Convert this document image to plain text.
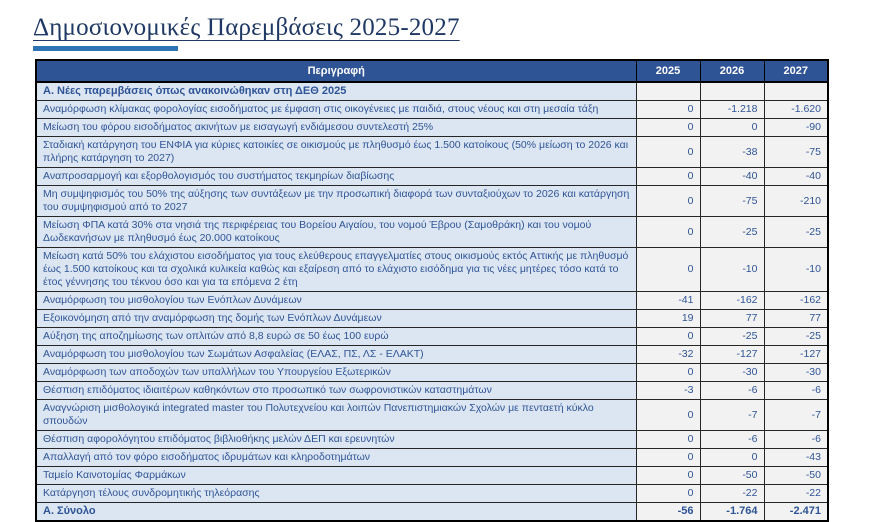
Δημοσιονομικές Παρεμβάσεις 2025-2027
Περιγραφή	2025	2026	2027
Α. Νέες παρεμβάσεις όπως ανακοινώθηκαν στη ΔΕΘ 2025			
Αναμόρφωση κλίμακας φορολογίας εισοδήματος με έμφαση στις οικογένειες με παιδιά, στους νέους και στη μεσαία τάξη	0	-1.218	-1.620
Μείωση του φόρου εισοδήματος ακινήτων με εισαγωγή ενδιάμεσου συντελεστή 25%	0	0	-90
Σταδιακή κατάργηση του ΕΝΦΙΑ για κύριες κατοικίες σε οικισμούς με πληθυσμό έως 1.500 κατοίκους (50% μείωση το 2026 και πλήρης κατάργηση το 2027)	0	-38	-75
Αναπροσαρμογή και εξορθολογισμός του συστήματος τεκμηρίων διαβίωσης	0	-40	-40
Μη συμψηφισμός του 50% της αύξησης των συντάξεων με την προσωπική διαφορά των συνταξιούχων το 2026 και κατάργηση του συμψηφισμού από το 2027	0	-75	-210
Μείωση ΦΠΑ κατά 30% στα νησιά της περιφέρειας του Βορείου Αιγαίου, του νομού Έβρου (Σαμοθράκη) και του νομού Δωδεκανήσων με πληθυσμό έως 20.000 κατοίκους	0	-25	-25
Μείωση κατά 50% του ελάχιστου εισοδήματος για τους ελεύθερους επαγγελματίες στους οικισμούς εκτός Αττικής με πληθυσμό έως 1.500 κατοίκους και τα σχολικά κυλικεία καθώς και εξαίρεση από το ελάχιστο εισόδημα για τις νέες μητέρες τόσο κατά το έτος γέννησης του τέκνου όσο και για τα επόμενα 2 έτη	0	-10	-10
Αναμόρφωση του μισθολογίου των Ενόπλων Δυνάμεων	-41	-162	-162
Εξοικονόμηση από την αναμόρφωση της δομής των Ενόπλων Δυνάμεων	19	77	77
Αύξηση της αποζημίωσης των οπλιτών από 8,8 ευρώ σε 50 έως 100 ευρώ	0	-25	-25
Αναμόρφωση του μισθολογίου των Σωμάτων Ασφαλείας (ΕΛΑΣ, ΠΣ, ΛΣ - ΕΛΑΚΤ)	-32	-127	-127
Αναμόρφωση των αποδοχών των υπαλλήλων του Υπουργείου Εξωτερικών	0	-30	-30
Θέσπιση επιδόματος ιδιαιτέρων καθηκόντων στο προσωπικό των σωφρονιστικών καταστημάτων	-3	-6	-6
Αναγνώριση μισθολογικά integrated master του Πολυτεχνείου και λοιπών Πανεπιστημιακών Σχολών με πενταετή κύκλο σπουδών	0	-7	-7
Θέσπιση αφορολόγητου επιδόματος βιβλιοθήκης μελών ΔΕΠ και ερευνητών	0	-6	-6
Απαλλαγή από τον φόρο εισοδήματος ιδρυμάτων και κληροδοτημάτων	0	0	-43
Ταμείο Καινοτομίας Φαρμάκων	0	-50	-50
Κατάργηση τέλους συνδρομητικής τηλεόρασης	0	-22	-22
Α. Σύνολο	-56	-1.764	-2.471
